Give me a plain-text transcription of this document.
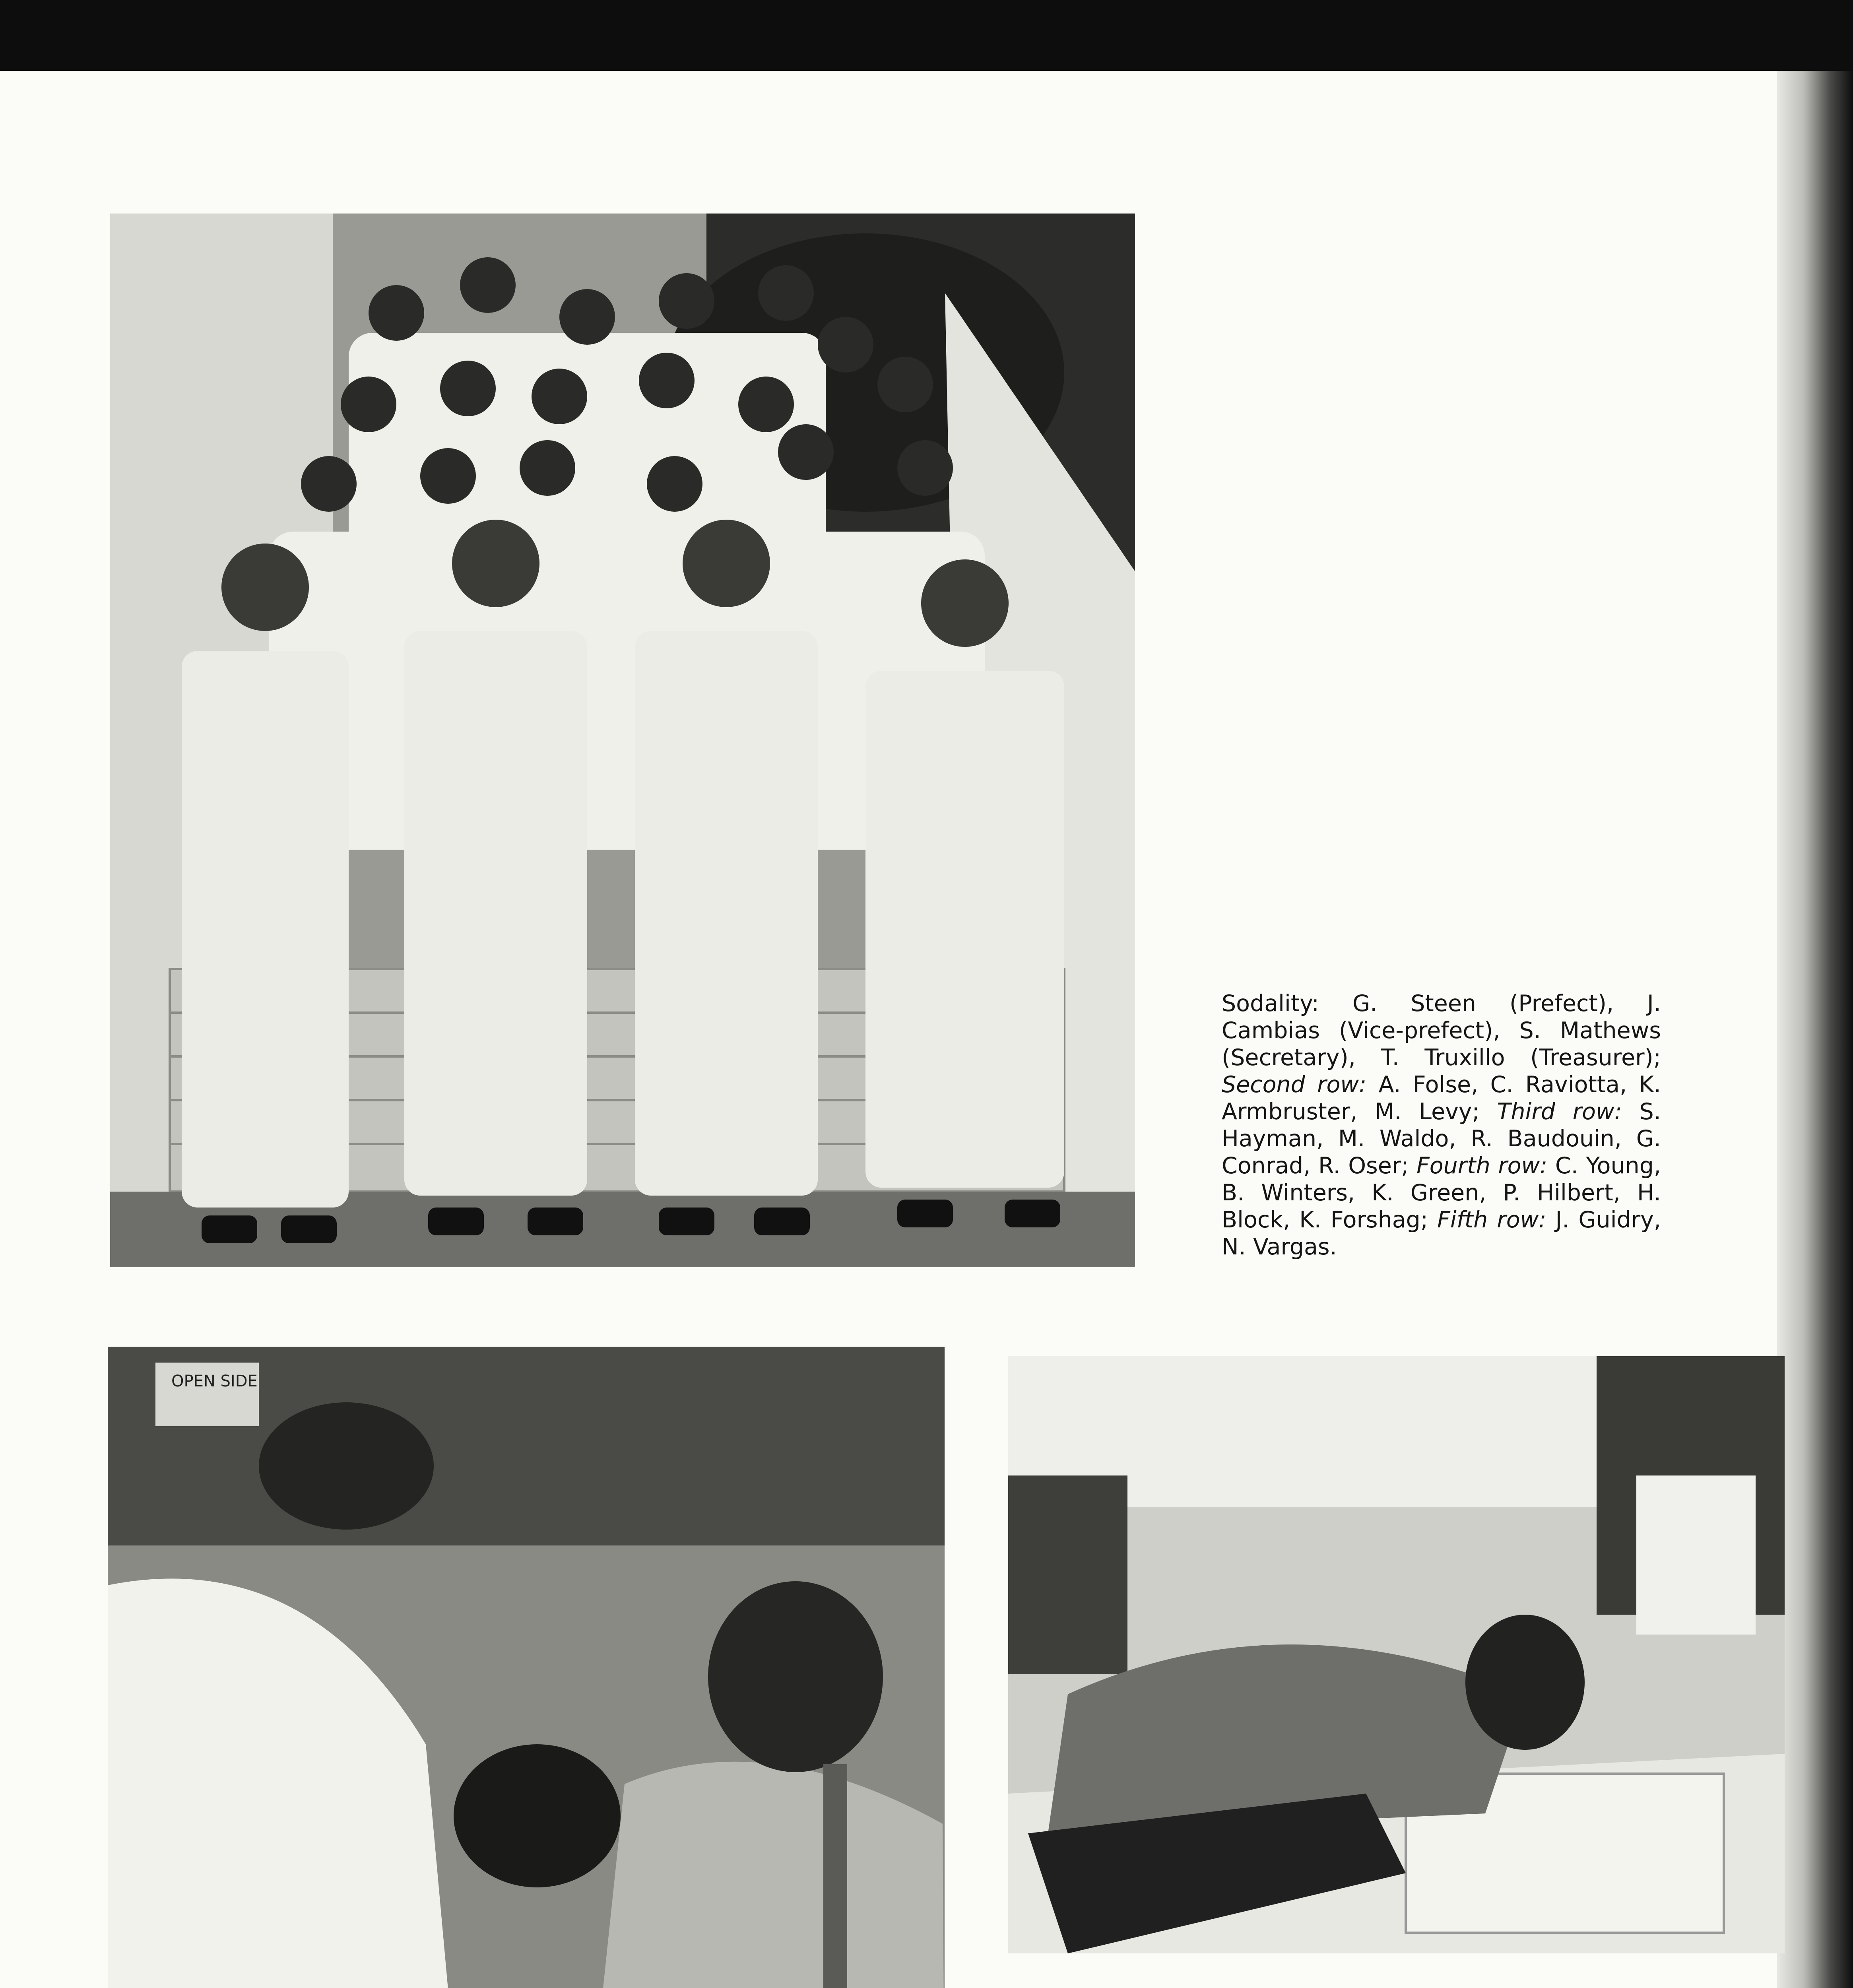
Sodality: G. Steen (Prefect), J. Cambias (Vice-prefect), S. Mathews (Secretary), T. Truxillo (Treasurer); Second row: A. Folse, C. Raviotta, K. Armbruster, M. Levy; Third row: S. Hayman, M. Waldo, R. Baudouin, G. Conrad, R. Oser; Fourth row: C. Young, B. Winters, K. Green, P. Hilbert, H. Block, K. Forshag; Fifth row: J. Guidry, N. Vargas.
OPEN SIDE
